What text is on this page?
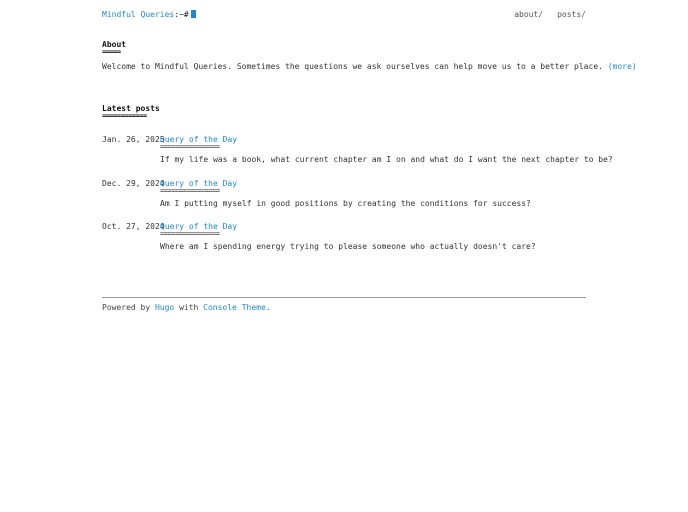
Mindful Queries:~#	about/ posts/
About
=====
Welcome to Mindful Queries. Sometimes the questions we ask ourselves can help move us to a better place. (more)
Latest posts
============
Jan. 26, 2025
Query of the Day
================
If my life was a book, what current chapter am I on and what do I want the next chapter to be?
Dec. 29, 2024
Query of the Day
================
Am I putting myself in good positions by creating the conditions for success?
Oct. 27, 2024
Query of the Day
================
Where am I spending energy trying to please someone who actually doesn't care?
Powered by Hugo with Console Theme.
